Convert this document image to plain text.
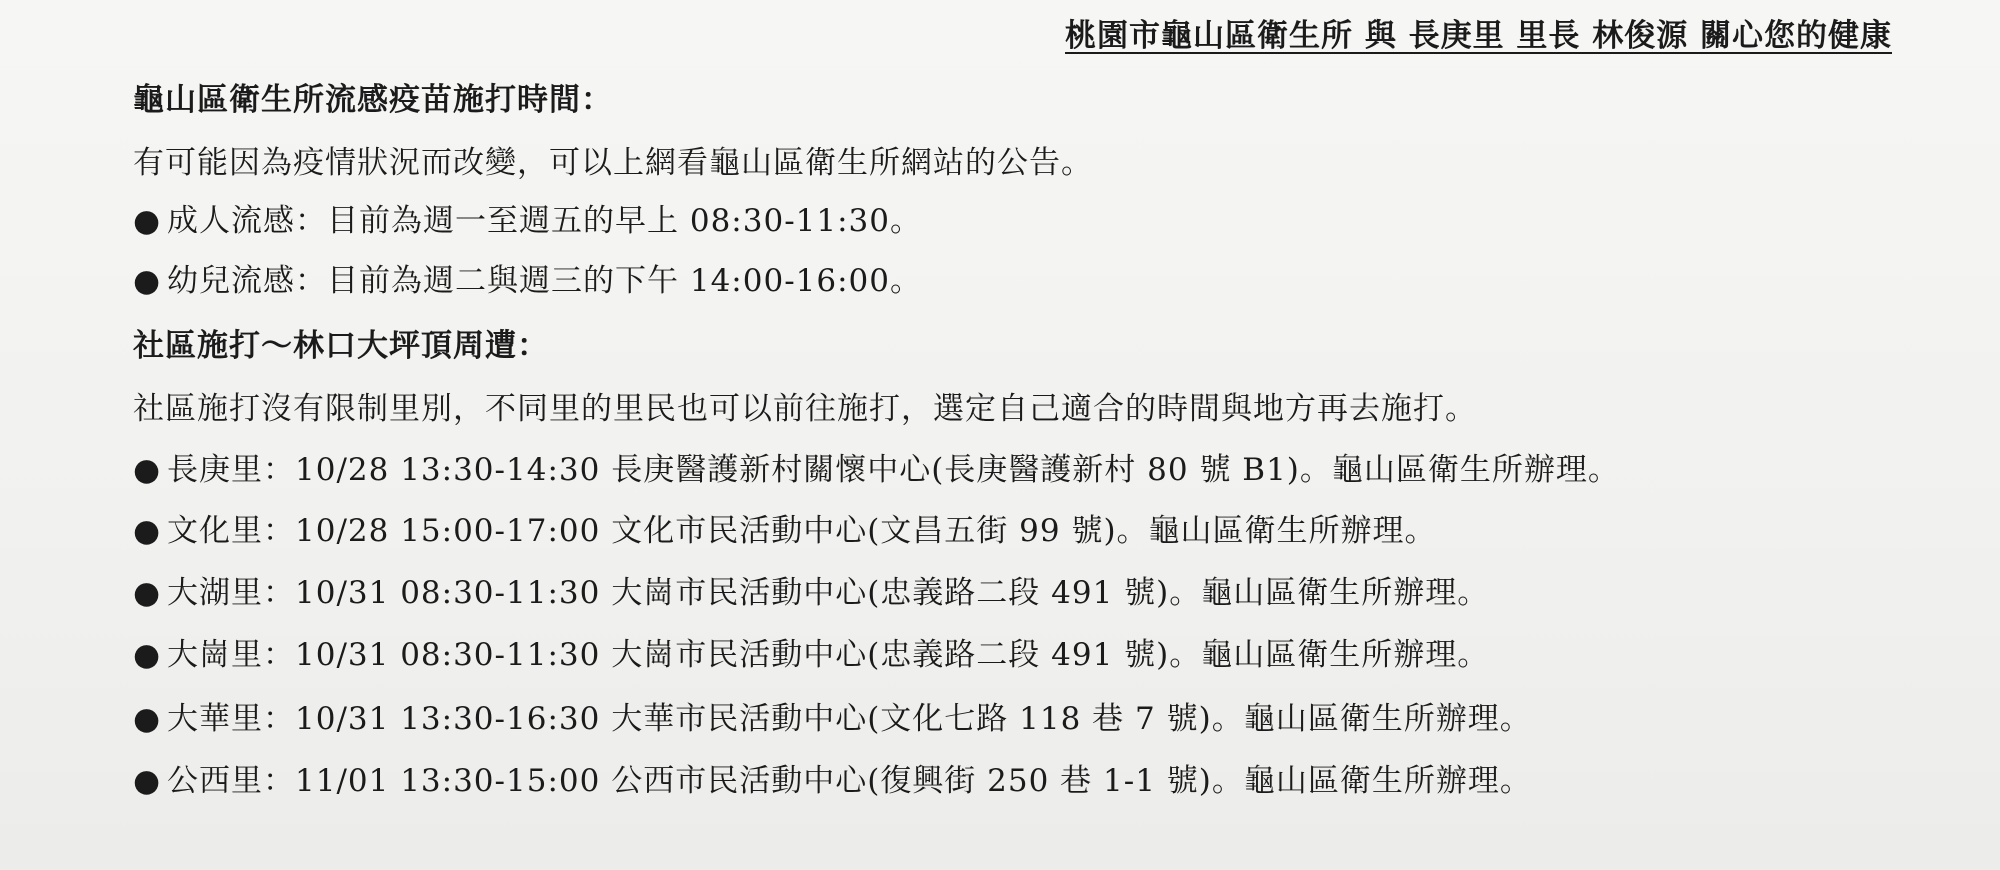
桃園市龜山區衛生所 與 長庚里 里長 林俊源 關心您的健康
龜山區衛生所流感疫苗施打時間：
有可能因為疫情狀況而改變，可以上網看龜山區衛生所網站的公告。
● 成人流感：目前為週一至週五的早上 08:30-11:30。
● 幼兒流感：目前為週二與週三的下午 14:00-16:00。
社區施打～林口大坪頂周遭：
社區施打沒有限制里別，不同里的里民也可以前往施打，選定自己適合的時間與地方再去施打。
● 長庚里：10/28 13:30-14:30 長庚醫護新村關懷中心(長庚醫護新村 80 號 B1)。龜山區衛生所辦理。
● 文化里：10/28 15:00-17:00 文化市民活動中心(文昌五街 99 號)。龜山區衛生所辦理。
● 大湖里：10/31 08:30-11:30 大崗市民活動中心(忠義路二段 491 號)。龜山區衛生所辦理。
● 大崗里：10/31 08:30-11:30 大崗市民活動中心(忠義路二段 491 號)。龜山區衛生所辦理。
● 大華里：10/31 13:30-16:30 大華市民活動中心(文化七路 118 巷 7 號)。龜山區衛生所辦理。
● 公西里：11/01 13:30-15:00 公西市民活動中心(復興街 250 巷 1-1 號)。龜山區衛生所辦理。
